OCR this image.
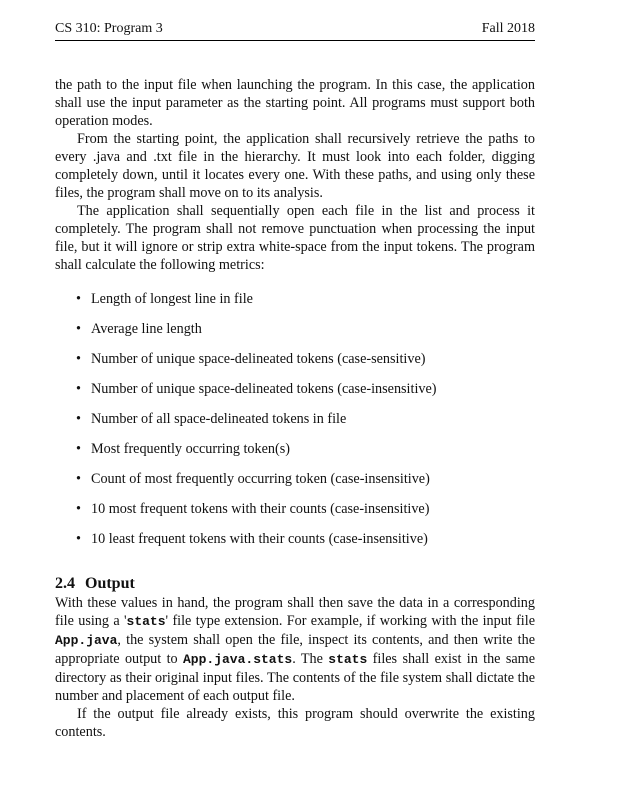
CS 310: Program 3	Fall 2018

the path to the input file when launching the program. In this case, the application shall use the input parameter as the starting point. All programs must support both operation modes.

From the starting point, the application shall recursively retrieve the paths to every .java and .txt file in the hierarchy. It must look into each folder, digging completely down, until it locates every one. With these paths, and using only these files, the program shall move on to its analysis.

The application shall sequentially open each file in the list and process it completely. The program shall not remove punctuation when processing the input file, but it will ignore or strip extra white-space from the input tokens. The program shall calculate the following metrics:

• Length of longest line in file
• Average line length
• Number of unique space-delineated tokens (case-sensitive)
• Number of unique space-delineated tokens (case-insensitive)
• Number of all space-delineated tokens in file
• Most frequently occurring token(s)
• Count of most frequently occurring token (case-insensitive)
• 10 most frequent tokens with their counts (case-insensitive)
• 10 least frequent tokens with their counts (case-insensitive)
2.4 Output

With these values in hand, the program shall then save the data in a corresponding file using a 'stats' file type extension. For example, if working with the input file App.java, the system shall open the file, inspect its contents, and then write the appropriate output to App.java.stats. The stats files shall exist in the same directory as their original input files. The contents of the file system shall dictate the number and placement of each output file.

If the output file already exists, this program should overwrite the existing contents.
